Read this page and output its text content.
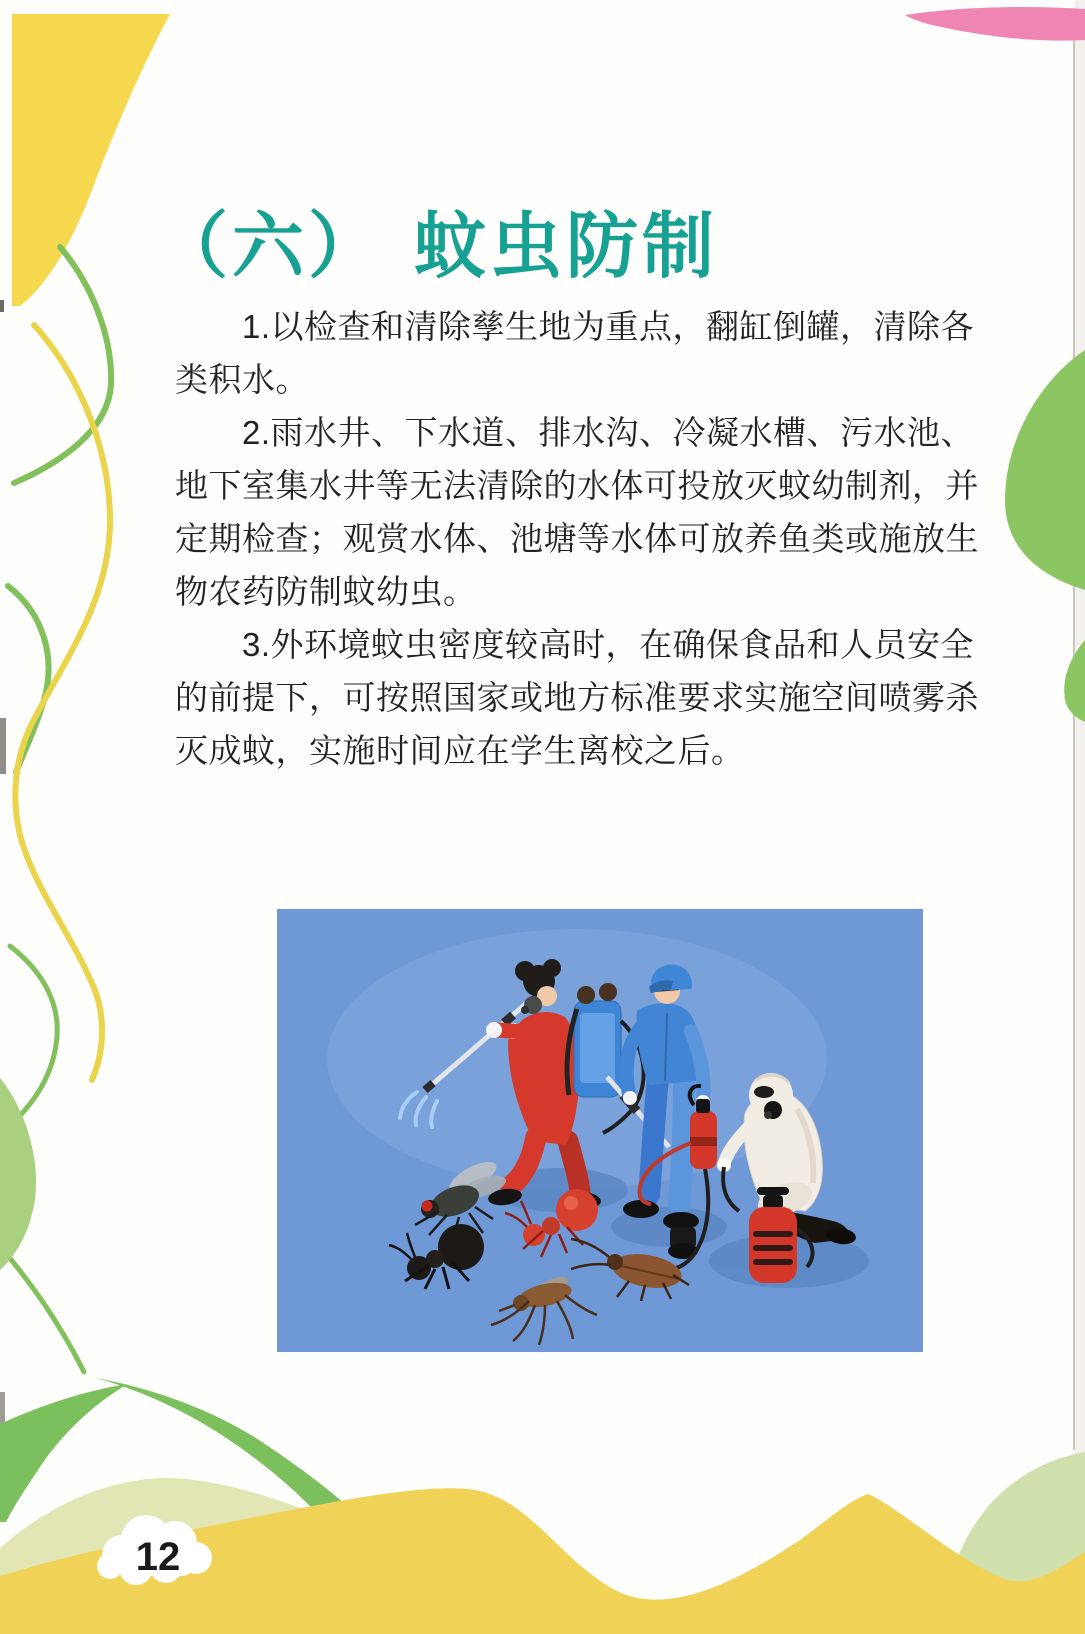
12
（六） 蚊虫防制
1.以检查和清除孳生地为重点，翻缸倒罐，清除各
类积水。
2.雨水井、下水道、排水沟、冷凝水槽、污水池、
地下室集水井等无法清除的水体可投放灭蚊幼制剂，并
定期检查；观赏水体、池塘等水体可放养鱼类或施放生
物农药防制蚊幼虫。
3.外环境蚊虫密度较高时，在确保食品和人员安全
的前提下，可按照国家或地方标准要求实施空间喷雾杀
灭成蚊，实施时间应在学生离校之后。
